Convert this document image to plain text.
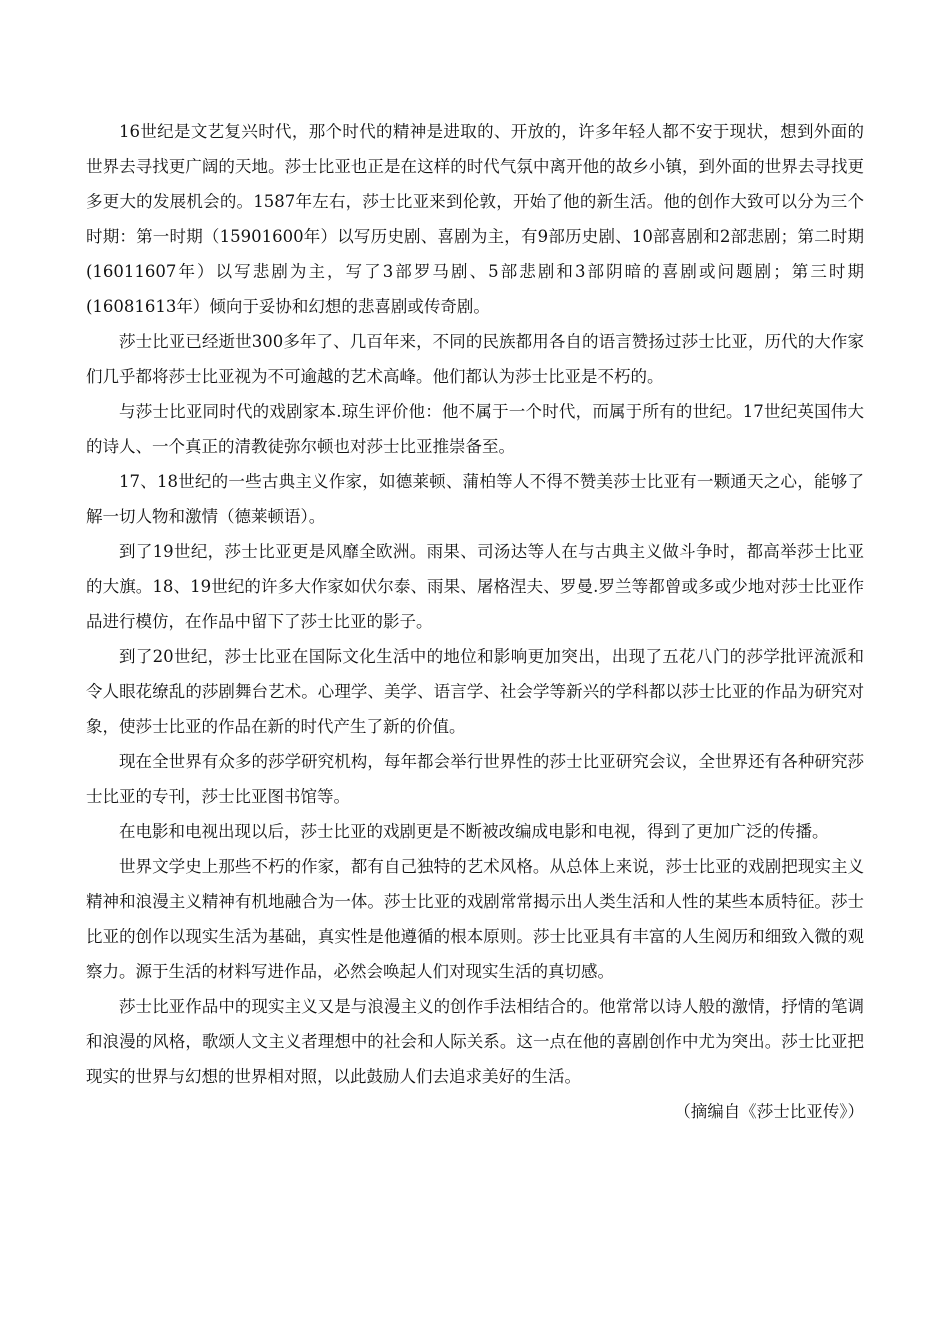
16世纪是文艺复兴时代，那个时代的精神是进取的、开放的，许多年轻人都不安于现状，想到外面的世界去寻找更广阔的天地。莎士比亚也正是在这样的时代气氛中离开他的故乡小镇，到外面的世界去寻找更多更大的发展机会的。1587年左右，莎士比亚来到伦敦，开始了他的新生活。他的创作大致可以分为三个时期：第一时期（15901600年）以写历史剧、喜剧为主，有9部历史剧、10部喜剧和2部悲剧；第二时期(16011607年）以写悲剧为主，写了3部罗马剧、5部悲剧和3部阴暗的喜剧或问题剧；第三时期(16081613年）倾向于妥协和幻想的悲喜剧或传奇剧。

莎士比亚已经逝世300多年了、几百年来，不同的民族都用各自的语言赞扬过莎士比亚，历代的大作家们几乎都将莎士比亚视为不可逾越的艺术高峰。他们都认为莎士比亚是不朽的。

与莎士比亚同时代的戏剧家本.琼生评价他：他不属于一个时代，而属于所有的世纪。17世纪英国伟大的诗人、一个真正的清教徒弥尔顿也对莎士比亚推崇备至。

17、18世纪的一些古典主义作家，如德莱顿、蒲柏等人不得不赞美莎士比亚有一颗通天之心，能够了解一切人物和激情（德莱顿语）。

到了19世纪，莎士比亚更是风靡全欧洲。雨果、司汤达等人在与古典主义做斗争时，都高举莎士比亚的大旗。18、19世纪的许多大作家如伏尔泰、雨果、屠格涅夫、罗曼.罗兰等都曾或多或少地对莎士比亚作品进行模仿，在作品中留下了莎士比亚的影子。

到了20世纪，莎士比亚在国际文化生活中的地位和影响更加突出，出现了五花八门的莎学批评流派和令人眼花缭乱的莎剧舞台艺术。心理学、美学、语言学、社会学等新兴的学科都以莎士比亚的作品为研究对象，使莎士比亚的作品在新的时代产生了新的价值。

现在全世界有众多的莎学研究机构，每年都会举行世界性的莎士比亚研究会议，全世界还有各种研究莎士比亚的专刊，莎士比亚图书馆等。

在电影和电视出现以后，莎士比亚的戏剧更是不断被改编成电影和电视，得到了更加广泛的传播。

世界文学史上那些不朽的作家，都有自己独特的艺术风格。从总体上来说，莎士比亚的戏剧把现实主义精神和浪漫主义精神有机地融合为一体。莎士比亚的戏剧常常揭示出人类生活和人性的某些本质特征。莎士比亚的创作以现实生活为基础，真实性是他遵循的根本原则。莎士比亚具有丰富的人生阅历和细致入微的观察力。源于生活的材料写进作品，必然会唤起人们对现实生活的真切感。

莎士比亚作品中的现实主义又是与浪漫主义的创作手法相结合的。他常常以诗人般的激情，抒情的笔调和浪漫的风格，歌颂人文主义者理想中的社会和人际关系。这一点在他的喜剧创作中尤为突出。莎士比亚把现实的世界与幻想的世界相对照，以此鼓励人们去追求美好的生活。

（摘编自《莎士比亚传》）
